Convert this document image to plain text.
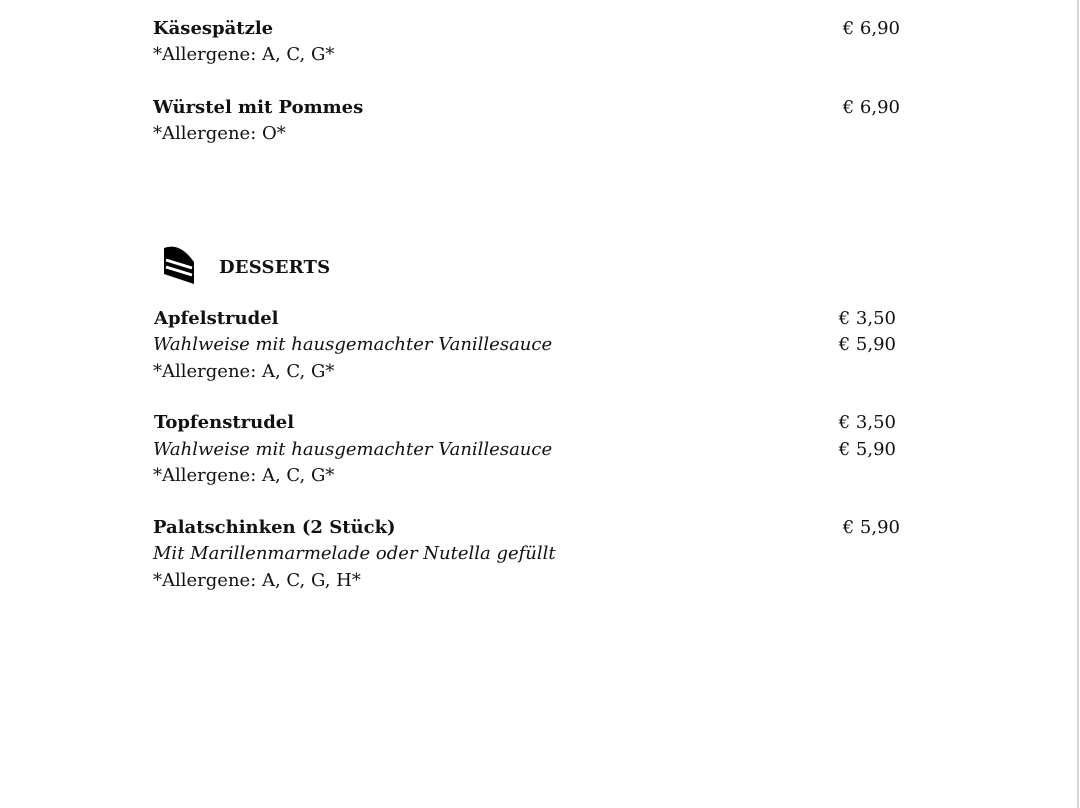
Käsespätzle	€ 6,90
*Allergene: A, C, G*
Würstel mit Pommes	€ 6,90
*Allergene: O*
DESSERTS
Apfelstrudel	€ 3,50
Wahlweise mit hausgemachter Vanillesauce	€ 5,90
*Allergene: A, C, G*
Topfenstrudel	€ 3,50
Wahlweise mit hausgemachter Vanillesauce	€ 5,90
*Allergene: A, C, G*
Palatschinken (2 Stück)	€ 5,90
Mit Marillenmarmelade oder Nutella gefüllt
*Allergene: A, C, G, H*
